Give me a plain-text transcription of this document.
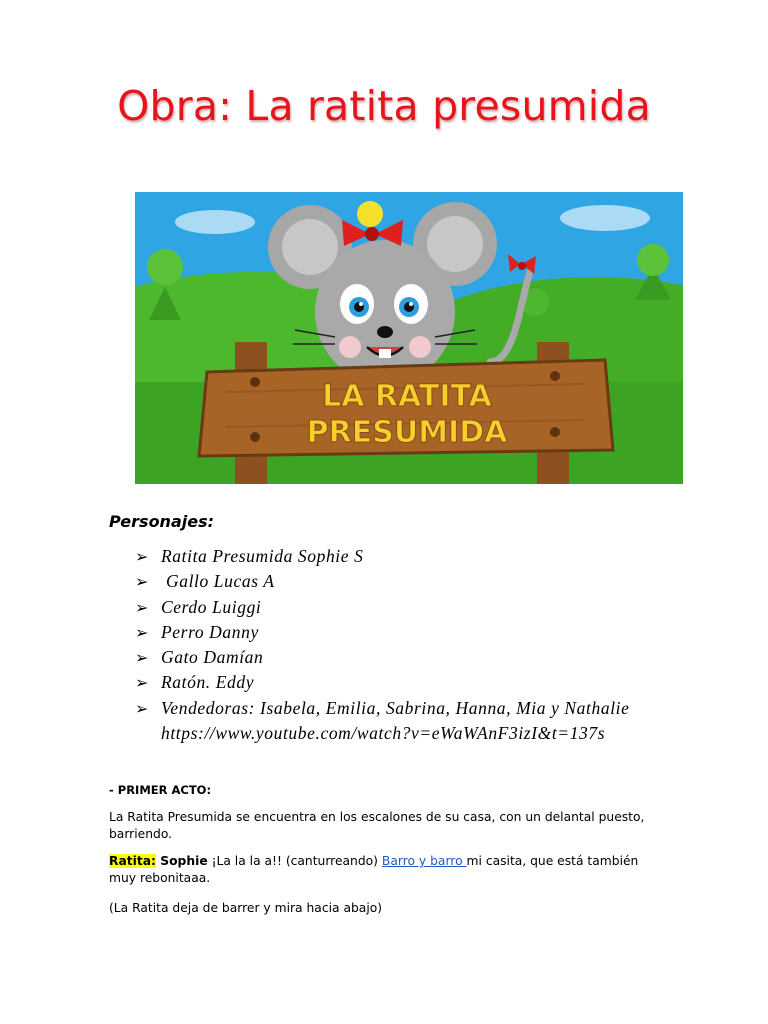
Obra: La ratita presumida
LA RATITA
PRESUMIDA
Personajes:
➢ Ratita Presumida Sophie S
➢ Gallo Lucas A
➢ Cerdo Luiggi
➢ Perro Danny
➢ Gato Damían
➢ Ratón. Eddy
➢ Vendedoras: Isabela, Emilia, Sabrina, Hanna, Mia y Nathalie https://www.youtube.com/watch?v=eWaWAnF3izI&t=137s
- PRIMER ACTO:
La Ratita Presumida se encuentra en los escalones de su casa, con un delantal puesto, barriendo.
Ratita: Sophie ¡La la la a!! (canturreando) Barro y barro mi casita, que está también muy rebonitaaa.
(La Ratita deja de barrer y mira hacia abajo)
